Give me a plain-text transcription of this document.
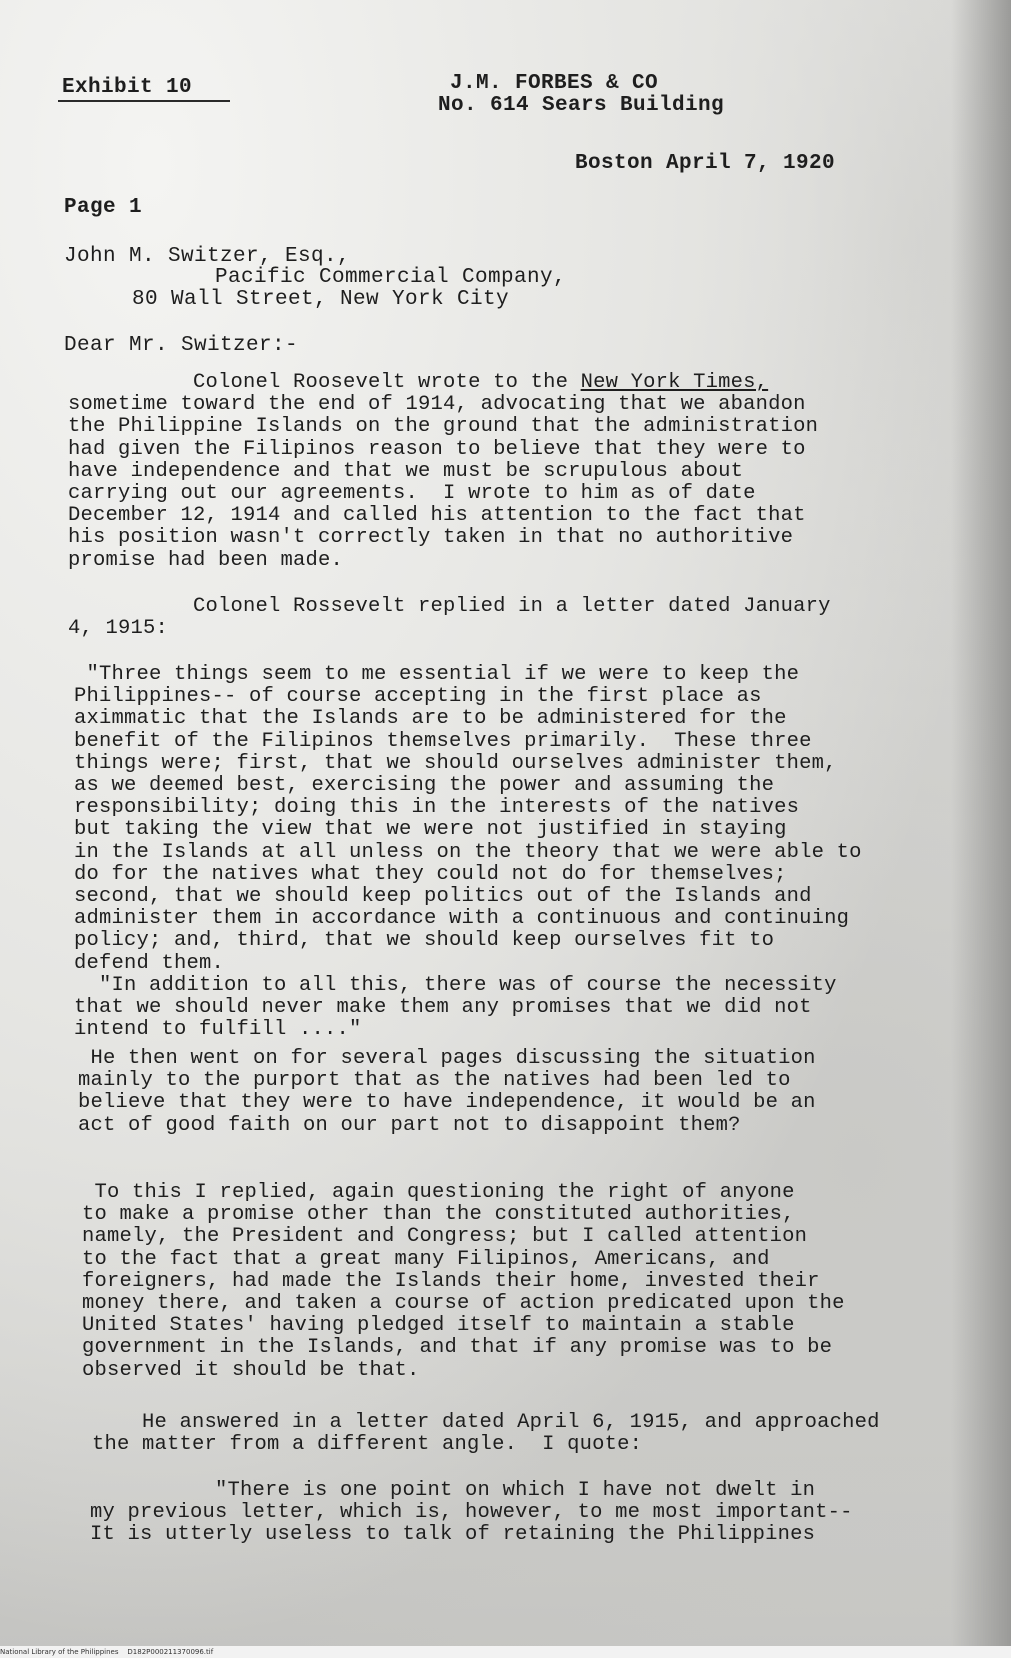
Exhibit 10	J.M. FORBES & CO
No. 614 Sears Building
Boston April 7, 1920
Page 1
John M. Switzer, Esq.,
Pacific Commercial Company,
80 Wall Street, New York City
Dear Mr. Switzer:-
Colonel Roosevelt wrote to the New York Times,
sometime toward the end of 1914, advocating that we abandon
the Philippine Islands on the ground that the administration
had given the Filipinos reason to believe that they were to
have independence and that we must be scrupulous about
carrying out our agreements.  I wrote to him as of date
December 12, 1914 and called his attention to the fact that
his position wasn't correctly taken in that no authoritive
promise had been made.
Colonel Rossevelt replied in a letter dated January
4, 1915:
"Three things seem to me essential if we were to keep the
Philippines-- of course accepting in the first place as
aximmatic that the Islands are to be administered for the
benefit of the Filipinos themselves primarily.  These three
things were; first, that we should ourselves administer them,
as we deemed best, exercising the power and assuming the
responsibility; doing this in the interests of the natives
but taking the view that we were not justified in staying
in the Islands at all unless on the theory that we were able to
do for the natives what they could not do for themselves;
second, that we should keep politics out of the Islands and
administer them in accordance with a continuous and continuing
policy; and, third, that we should keep ourselves fit to
defend them.
"In addition to all this, there was of course the necessity
that we should never make them any promises that we did not
intend to fulfill ...."
He then went on for several pages discussing the situation
mainly to the purport that as the natives had been led to
believe that they were to have independence, it would be an
act of good faith on our part not to disappoint them?
To this I replied, again questioning the right of anyone
to make a promise other than the constituted authorities,
namely, the President and Congress; but I called attention
to the fact that a great many Filipinos, Americans, and
foreigners, had made the Islands their home, invested their
money there, and taken a course of action predicated upon the
United States' having pledged itself to maintain a stable
government in the Islands, and that if any promise was to be
observed it should be that.
He answered in a letter dated April 6, 1915, and approached
the matter from a different angle.  I quote:
"There is one point on which I have not dwelt in
my previous letter, which is, however, to me most important--
It is utterly useless to talk of retaining the Philippines
National Library of the Philippines    D182P000211370096.tif
